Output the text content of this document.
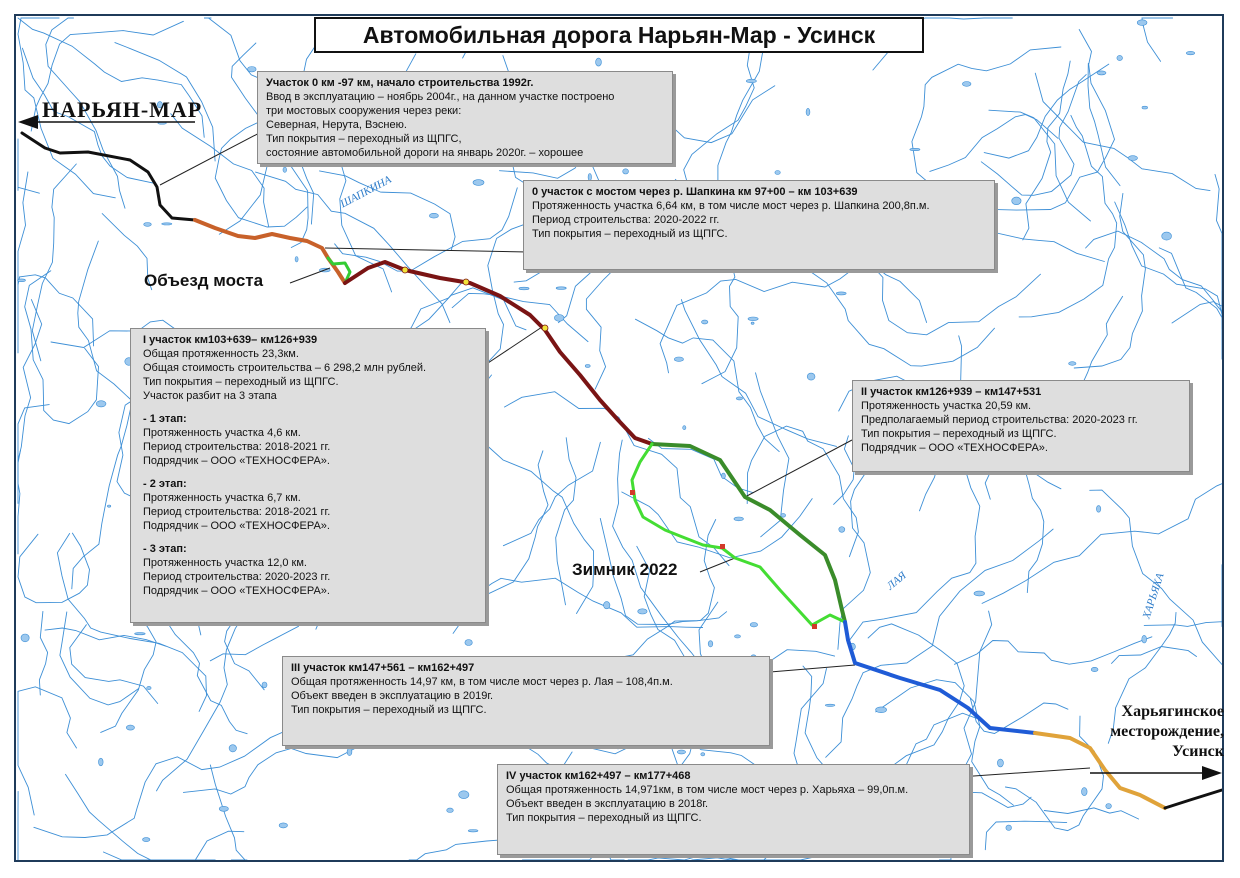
Автомобильная дорога Нарьян-Мар - Усинск
НАРЬЯН-МАР
Харьягинское
месторождение,
Усинск
Объезд моста
Зимник 2022
ШАПКИНА
ЛАЯ	ХАРЬЯХА
Участок 0 км -97 км, начало строительства 1992г.
Ввод в эксплуатацию – ноябрь 2004г., на данном участке построено
три мостовых сооружения через реки:
Северная, Нерута, Вэснею.
Тип покрытия – переходный из ЩПГС,
состояние автомобильной дороги на январь 2020г. – хорошее
0 участок с мостом через р. Шапкина км 97+00 – км 103+639
Протяженность участка 6,64 км, в том числе мост через р. Шапкина 200,8п.м.
Период строительства: 2020-2022 гг.
Тип покрытия – переходный из ЩПГС.
I участок км103+639– км126+939
Общая протяженность 23,3км.
Общая стоимость строительства – 6 298,2 млн рублей.
Тип покрытия – переходный из ЩПГС.
Участок разбит на 3 этапа
- 1 этап:
Протяженность участка 4,6 км.
Период строительства: 2018-2021 гг.
Подрядчик – ООО «ТЕХНОСФЕРА».
- 2 этап:
Протяженность участка 6,7 км.
Период строительства: 2018-2021 гг.
Подрядчик – ООО «ТЕХНОСФЕРА».
- 3 этап:
Протяженность участка 12,0 км.
Период строительства: 2020-2023 гг.
Подрядчик – ООО «ТЕХНОСФЕРА».
II участок км126+939 – км147+531
Протяженность участка 20,59 км.
Предполагаемый период строительства: 2020-2023 гг.
Тип покрытия – переходный из ЩПГС.
Подрядчик – ООО «ТЕХНОСФЕРА».
III участок км147+561 – км162+497
Общая протяженность 14,97 км, в том числе мост через р. Лая – 108,4п.м.
Объект введен в эксплуатацию в 2019г.
Тип покрытия – переходный из ЩПГС.
IV участок км162+497 – км177+468
Общая протяженность 14,971км, в том числе мост через р. Харьяха – 99,0п.м.
Объект введен в эксплуатацию в 2018г.
Тип покрытия – переходный из ЩПГС.
